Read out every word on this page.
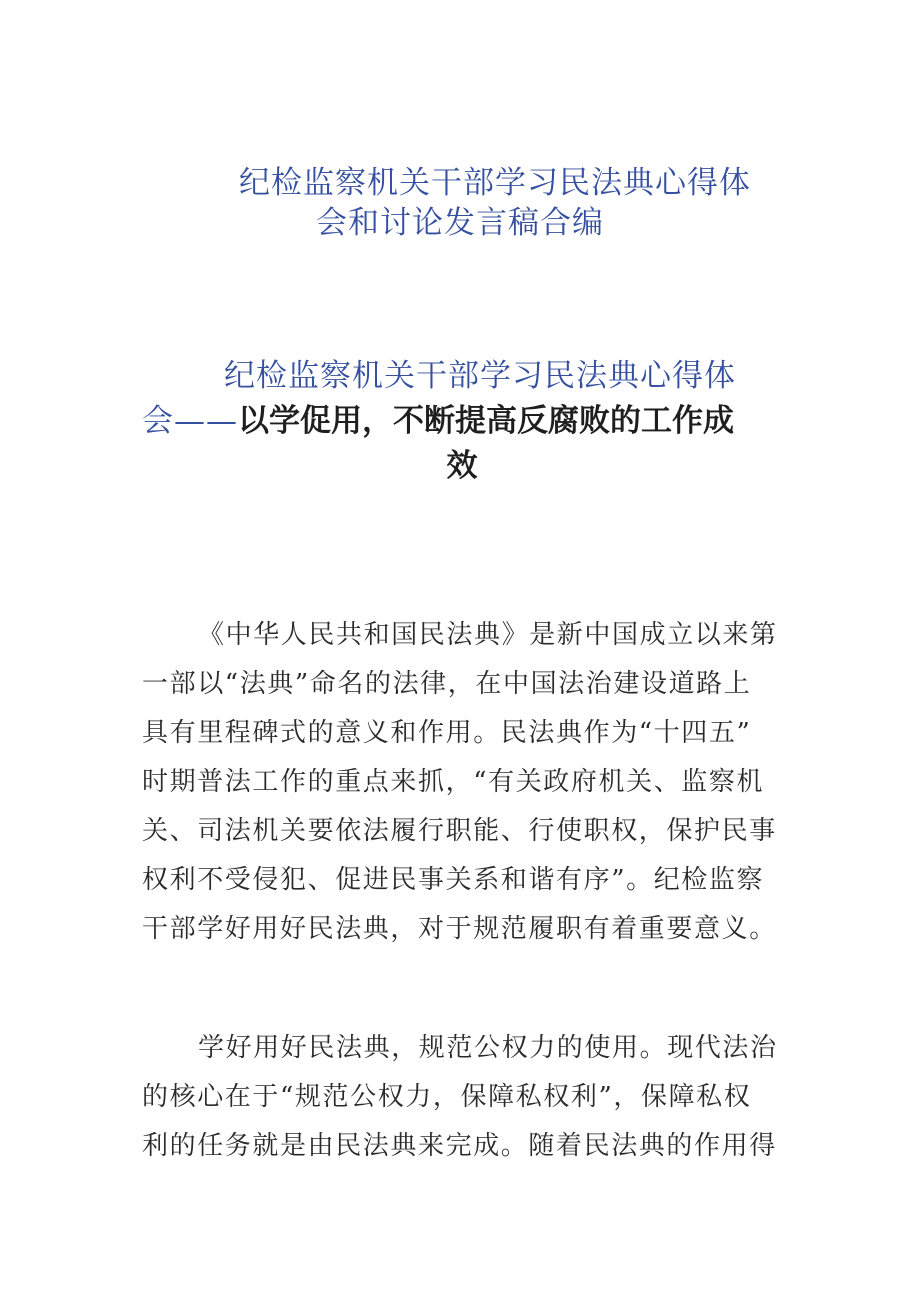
纪检监察机关干部学习民法典心得体
会和讨论发言稿合编
纪检监察机关干部学习民法典心得体
会——以学促用，不断提高反腐败的工作成
效
《中华人民共和国民法典》是新中国成立以来第
一部以“法典”命名的法律，在中国法治建设道路上
具有里程碑式的意义和作用。民法典作为“十四五”
时期普法工作的重点来抓，“有关政府机关、监察机
关、司法机关要依法履行职能、行使职权，保护民事
权利不受侵犯、促进民事关系和谐有序”。纪检监察
干部学好用好民法典，对于规范履职有着重要意义。
学好用好民法典，规范公权力的使用。现代法治
的核心在于“规范公权力，保障私权利”，保障私权
利的任务就是由民法典来完成。随着民法典的作用得
